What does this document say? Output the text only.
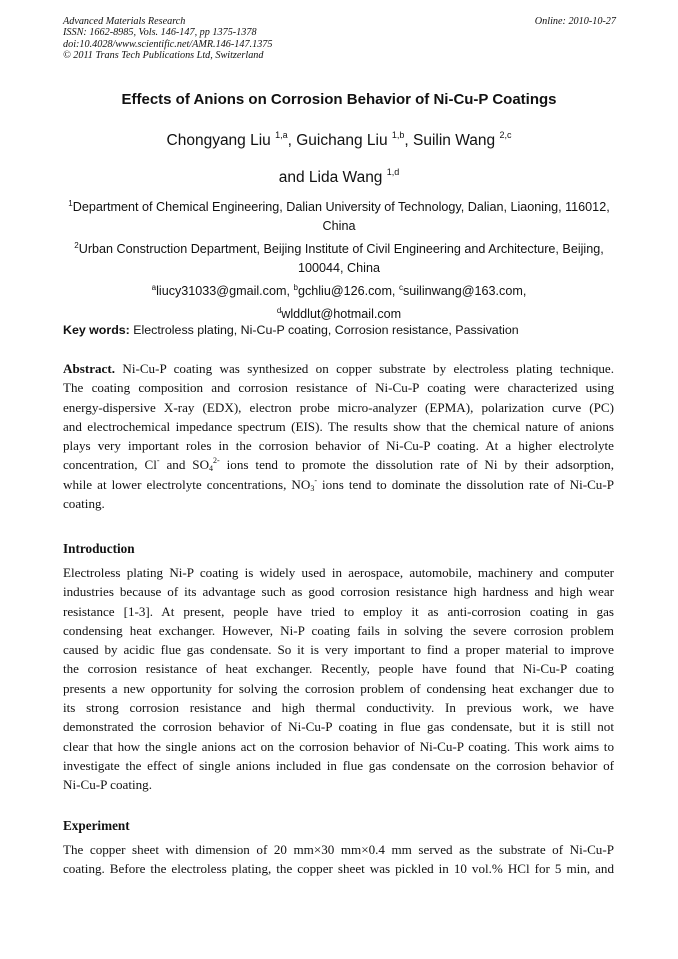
Advanced Materials Research
ISSN: 1662-8985, Vols. 146-147, pp 1375-1378
doi:10.4028/www.scientific.net/AMR.146-147.1375
© 2011 Trans Tech Publications Ltd, Switzerland
Online: 2010-10-27
Effects of Anions on Corrosion Behavior of Ni-Cu-P Coatings
Chongyang Liu $^{1,a}$, Guichang Liu $^{1,b}$, Suilin Wang $^{2,c}$
and Lida Wang $^{1,d}$
$^1$Department of Chemical Engineering, Dalian University of Technology, Dalian, Liaoning, 116012,
China
$^2$Urban Construction Department, Beijing Institute of Civil Engineering and Architecture, Beijing,
100044, China
$^a$liucy31033@gmail.com, $^b$gchliu@126.com, $^c$suilinwang@163.com,
$^d$wlddlut@hotmail.com
Key words: Electroless plating, Ni-Cu-P coating, Corrosion resistance, Passivation
Abstract. Ni-Cu-P coating was synthesized on copper substrate by electroless plating technique.
The coating composition and corrosion resistance of Ni-Cu-P coating were characterized using
energy-dispersive X-ray (EDX), electron probe micro-analyzer (EPMA), polarization curve (PC)
and electrochemical impedance spectrum (EIS). The results show that the chemical nature of anions
plays very important roles in the corrosion behavior of Ni-Cu-P coating. At a higher electrolyte
concentration, Cl- and $SO_4^{2-}$ ions tend to promote the dissolution rate of Ni by their adsorption,
while at lower electrolyte concentrations, $NO_3^-$ ions tend to dominate the dissolution rate of Ni-Cu-P
coating.
Introduction
Electroless plating Ni-P coating is widely used in aerospace, automobile, machinery and computer
industries because of its advantage such as good corrosion resistance high hardness and high wear
resistance [1-3]. At present, people have tried to employ it as anti-corrosion coating in gas
condensing heat exchanger. However, Ni-P coating fails in solving the severe corrosion problem
caused by acidic flue gas condensate. So it is very important to find a proper material to improve
the corrosion resistance of heat exchanger. Recently, people have found that Ni-Cu-P coating
presents a new opportunity for solving the corrosion problem of condensing heat exchanger due to
its strong corrosion resistance and high thermal conductivity. In previous work, we have
demonstrated the corrosion behavior of Ni-Cu-P coating in flue gas condensate, but it is still not
clear that how the single anions act on the corrosion behavior of Ni-Cu-P coating. This work aims to
investigate the effect of single anions included in flue gas condensate on the corrosion behavior of
Ni-Cu-P coating.
Experiment
The copper sheet with dimension of 20 mm×30 mm×0.4 mm served as the substrate of Ni-Cu-P
coating. Before the electroless plating, the copper sheet was pickled in 10 vol.% HCl for 5 min, and
